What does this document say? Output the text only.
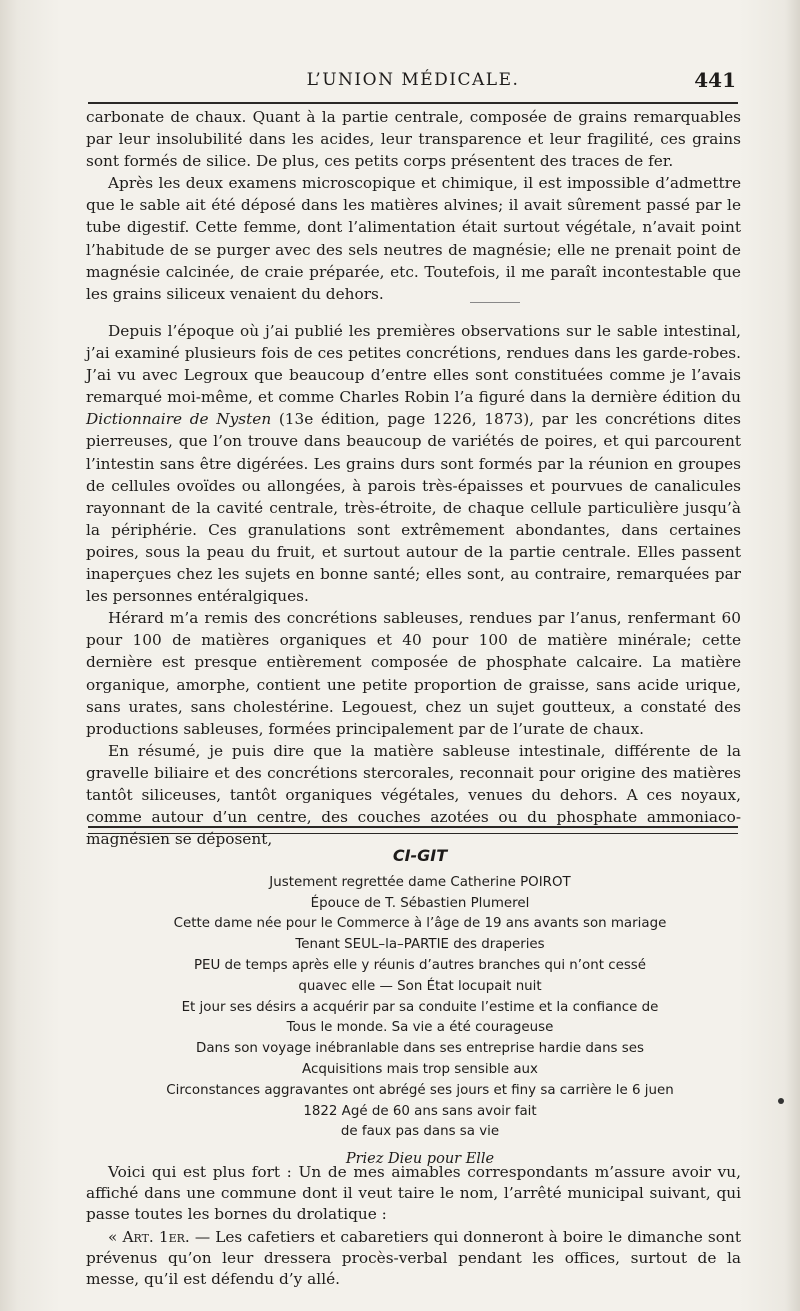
L’UNION MÉDICALE.	441

carbonate de chaux. Quant à la partie centrale, composée de grains remarquables par leur insolubilité dans les acides, leur transparence et leur fragilité, ces grains sont formés de silice. De plus, ces petits corps présentent des traces de fer.

Après les deux examens microscopique et chimique, il est impossible d’admettre que le sable ait été déposé dans les matières alvines; il avait sûrement passé par le tube digestif. Cette femme, dont l’alimentation était surtout végétale, n’avait point l’habitude de se purger avec des sels neutres de magnésie; elle ne prenait point de magnésie calcinée, de craie préparée, etc. Toutefois, il me paraît incontestable que les grains siliceux venaient du dehors.

Depuis l’époque où j’ai publié les premières observations sur le sable intestinal, j’ai examiné plusieurs fois de ces petites concrétions, rendues dans les garde-robes. J’ai vu avec Legroux que beaucoup d’entre elles sont constituées comme je l’avais remarqué moi-même, et comme Charles Robin l’a figuré dans la dernière édition du Dictionnaire de Nysten (13e édition, page 1226, 1873), par les concrétions dites pierreuses, que l’on trouve dans beaucoup de variétés de poires, et qui parcourent l’intestin sans être digérées. Les grains durs sont formés par la réunion en groupes de cellules ovoïdes ou allongées, à parois très-épaisses et pourvues de canalicules rayonnant de la cavité centrale, très-étroite, de chaque cellule particulière jusqu’à la périphérie. Ces granulations sont extrêmement abondantes, dans certaines poires, sous la peau du fruit, et surtout autour de la partie centrale. Elles passent inaperçues chez les sujets en bonne santé; elles sont, au contraire, remarquées par les personnes entéralgiques.

Hérard m’a remis des concrétions sableuses, rendues par l’anus, renfermant 60 pour 100 de matières organiques et 40 pour 100 de matière minérale; cette dernière est presque entièrement composée de phosphate calcaire. La matière organique, amorphe, contient une petite proportion de graisse, sans acide urique, sans urates, sans cholestérine. Legouest, chez un sujet goutteux, a constaté des productions sableuses, formées principalement par de l’urate de chaux.

En résumé, je puis dire que la matière sableuse intestinale, différente de la gravelle biliaire et des concrétions stercorales, reconnait pour origine des matières tantôt siliceuses, tantôt organiques végétales, venues du dehors. A ces noyaux, comme autour d’un centre, des couches azotées ou du phosphate ammoniaco-magnésien se déposent,

CI-GIT
Justement regrettée dame Catherine POIROT
Épouce de T. Sébastien Plumerel
Cette dame née pour le Commerce à l’âge de 19 ans avants son mariage
Tenant SEUL–la–PARTIE des draperies
PEU de temps après elle y réunis d’autres branches qui n’ont cessé
quavec elle — Son État locupait nuit
Et jour ses désirs a acquérir par sa conduite l’estime et la confiance de
Tous le monde. Sa vie a été courageuse
Dans son voyage inébranlable dans ses entreprise hardie dans ses
Acquisitions mais trop sensible aux
Circonstances aggravantes ont abrégé ses jours et finy sa carrière le 6 juen
1822 Agé de 60 ans sans avoir fait
de faux pas dans sa vie
Priez Dieu pour Elle

Voici qui est plus fort : Un de mes aimables correspondants m’assure avoir vu, affiché dans une commune dont il veut taire le nom, l’arrêté municipal suivant, qui passe toutes les bornes du drolatique :

« Art. 1er. — Les cafetiers et cabaretiers qui donneront à boire le dimanche sont prévenus qu’on leur dressera procès-verbal pendant les offices, surtout de la messe, qu’il est défendu d’y allé.
